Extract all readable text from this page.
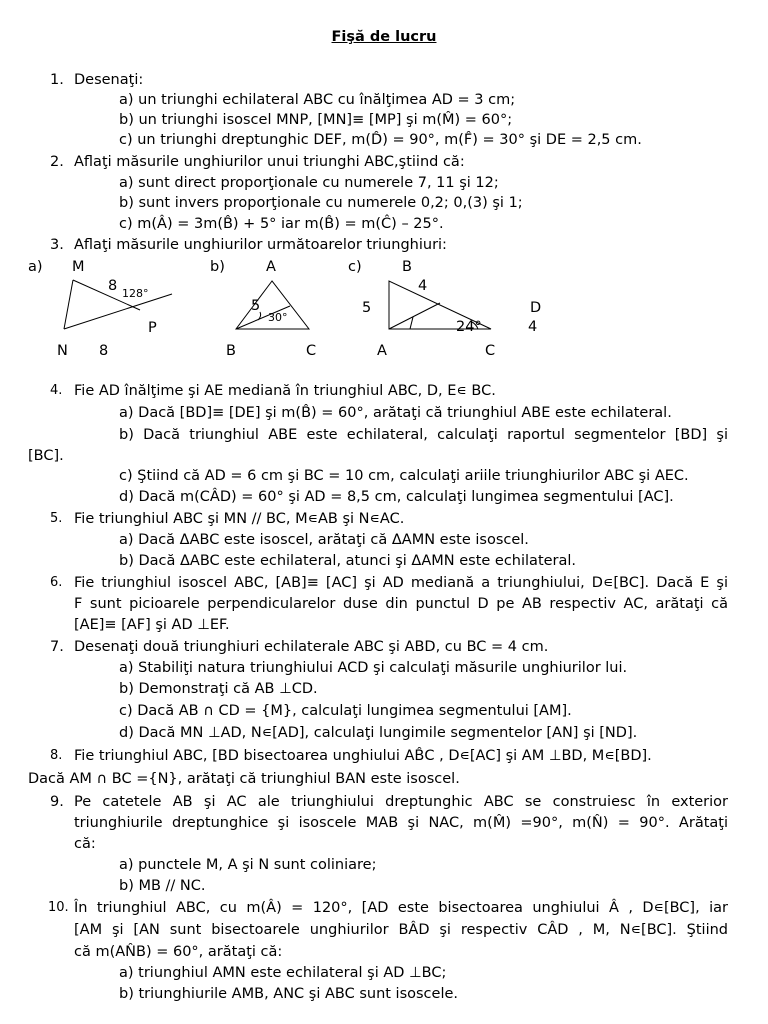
Fişă de lucru
1. Desenaţi:
a) un triunghi echilateral ABC cu înălţimea AD = 3 cm;
b) un triunghi isoscel MNP, [MN]≡ [MP] şi m(M̂) = 60°;
c) un triunghi dreptunghic DEF, m(D̂) = 90°, m(F̂) = 30° şi DE = 2,5 cm.
2. Aflaţi măsurile unghiurilor unui triunghi ABC,ştiind că:
a) sunt direct proporţionale cu numerele 7, 11 şi 12;
b) sunt invers proporţionale cu numerele 0,2; 0,(3) şi 1;
c) m(Â) = 3m(B̂) + 5° iar m(B̂) = m(Ĉ) – 25°.
3. Aflaţi măsurile unghiurilor următoarelor triunghiuri:
a) M
8 128°
P
N 8
b)	A
5
30°
B	C
c)	B
4
5	D
24°	4
A	C
4. Fie AD înălţime şi AE mediană în triunghiul ABC, D, E∊ BC.
a) Dacă [BD]≡ [DE] şi m(B̂) = 60°, arătaţi că triunghiul ABE este echilateral.
b) Dacă triunghiul ABE este echilateral, calculaţi raportul segmentelor [BD] şi
[BC].
c) Ştiind că AD = 6 cm şi BC = 10 cm, calculaţi ariile triunghiurilor ABC şi AEC.
d) Dacă m(CÂD) = 60° şi AD = 8,5 cm, calculaţi lungimea segmentului [AC].
5. Fie triunghiul ABC şi MN // BC, M∊AB şi N∊AC.
a) Dacă ΔABC este isoscel, arătaţi că ΔAMN este isoscel.
b) Dacă ΔABC este echilateral, atunci şi ΔAMN este echilateral.
6. Fie triunghiul isoscel ABC, [AB]≡ [AC] şi AD mediană a triunghiului, D∊[BC]. Dacă E şi
F sunt picioarele perpendicularelor duse din punctul D pe AB respectiv AC, arătaţi că
[AE]≡ [AF] şi AD ⊥EF.
7. Desenaţi două triunghiuri echilaterale ABC şi ABD, cu BC = 4 cm.
a) Stabiliţi natura triunghiului ACD şi calculaţi măsurile unghiurilor lui.
b) Demonstraţi că AB ⊥CD.
c) Dacă AB ∩ CD = {M}, calculaţi lungimea segmentului [AM].
d) Dacă MN ⊥AD, N∊[AD], calculaţi lungimile segmentelor [AN] şi [ND].
8. Fie triunghiul ABC, [BD bisectoarea unghiului AB̂C , D∊[AC] şi AM ⊥BD, M∊[BD].
Dacă AM ∩ BC ={N}, arătaţi că triunghiul BAN este isoscel.
9. Pe catetele AB şi AC ale triunghiului dreptunghic ABC se construiesc în exterior
triunghiurile dreptunghice şi isoscele MAB şi NAC, m(M̂) =90°, m(N̂) = 90°. Arătaţi
că:
a) punctele M, A şi N sunt coliniare;
b) MB // NC.
10. În triunghiul ABC, cu m(Â) = 120°, [AD este bisectoarea unghiului Â , D∊[BC], iar
[AM şi [AN sunt bisectoarele unghiurilor BÂD şi respectiv CÂD , M, N∊[BC]. Ştiind
că m(AN̂B) = 60°, arătaţi că:
a) triunghiul AMN este echilateral şi AD ⊥BC;
b) triunghiurile AMB, ANC şi ABC sunt isoscele.
